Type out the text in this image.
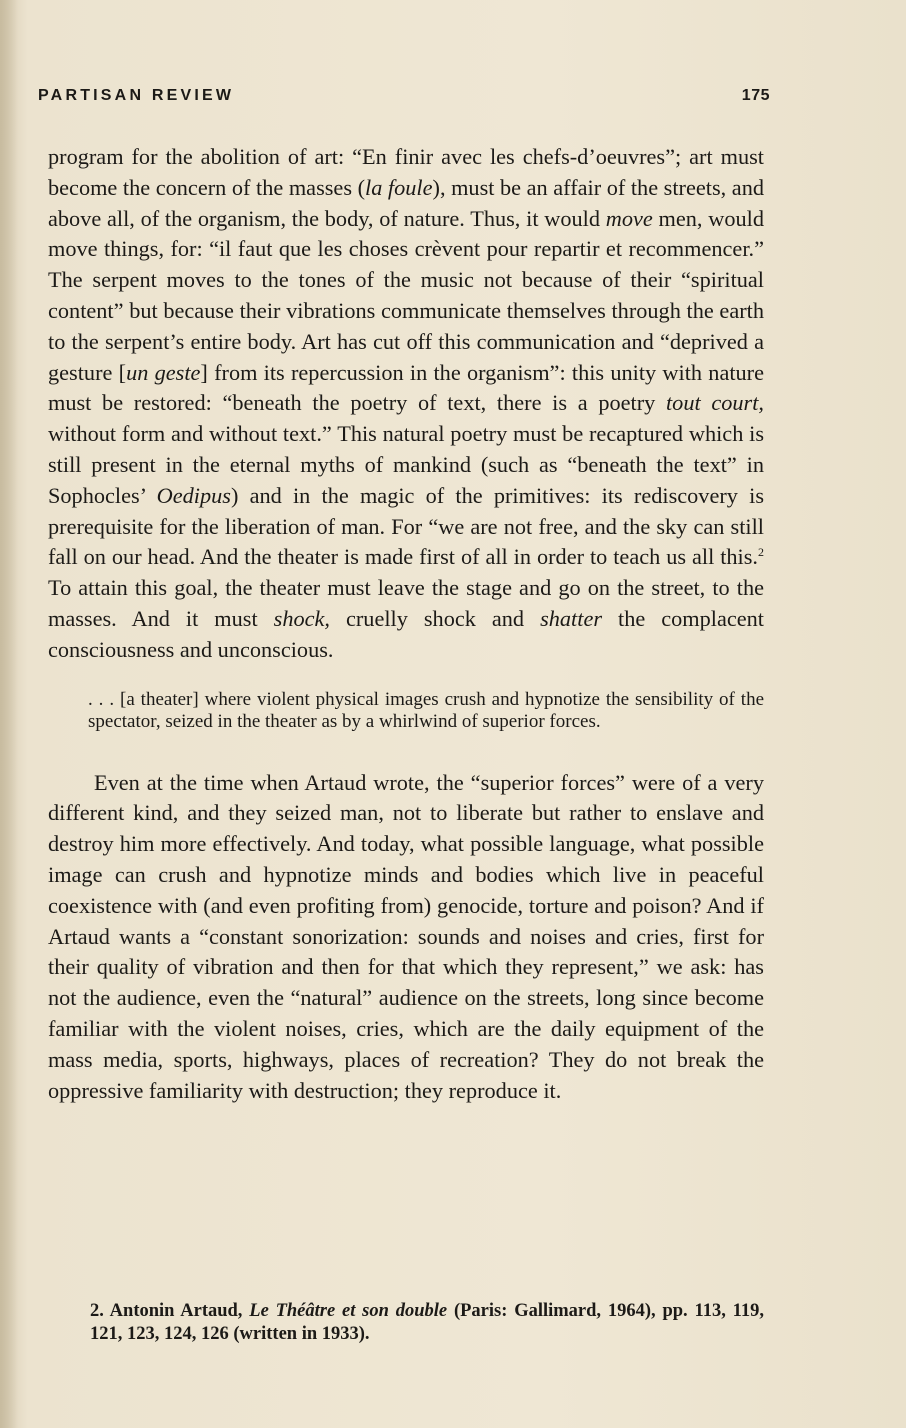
PARTISAN REVIEW	175

program for the abolition of art: “En finir avec les chefs-d’oeuvres”; art must become the concern of the masses (la foule), must be an affair of the streets, and above all, of the organism, the body, of nature. Thus, it would move men, would move things, for: “il faut que les choses crèvent pour repartir et recommencer.” The serpent moves to the tones of the music not because of their “spiritual content” but because their vibrations communicate themselves through the earth to the serpent’s entire body. Art has cut off this communication and “deprived a gesture [un geste] from its repercussion in the organism”: this unity with nature must be restored: “beneath the poetry of text, there is a poetry tout court, without form and without text.” This natural poetry must be recaptured which is still present in the eternal myths of mankind (such as “beneath the text” in Sophocles’ Oedipus) and in the magic of the primitives: its rediscovery is prerequisite for the liberation of man. For “we are not free, and the sky can still fall on our head. And the theater is made first of all in order to teach us all this.$^2$ To attain this goal, the theater must leave the stage and go on the street, to the masses. And it must shock, cruelly shock and shatter the complacent consciousness and unconscious.

. . . [a theater] where violent physical images crush and hypnotize the sensibility of the spectator, seized in the theater as by a whirlwind of superior forces.

Even at the time when Artaud wrote, the “superior forces” were of a very different kind, and they seized man, not to liberate but rather to enslave and destroy him more effectively. And today, what possible language, what possible image can crush and hypnotize minds and bodies which live in peaceful coexistence with (and even profiting from) genocide, torture and poison? And if Artaud wants a “constant sonorization: sounds and noises and cries, first for their quality of vibration and then for that which they represent,” we ask: has not the audience, even the “natural” audience on the streets, long since become familiar with the violent noises, cries, which are the daily equipment of the mass media, sports, highways, places of recreation? They do not break the oppressive familiarity with destruction; they reproduce it.

2. Antonin Artaud, Le Théâtre et son double (Paris: Gallimard, 1964), pp. 113, 119, 121, 123, 124, 126 (written in 1933).
